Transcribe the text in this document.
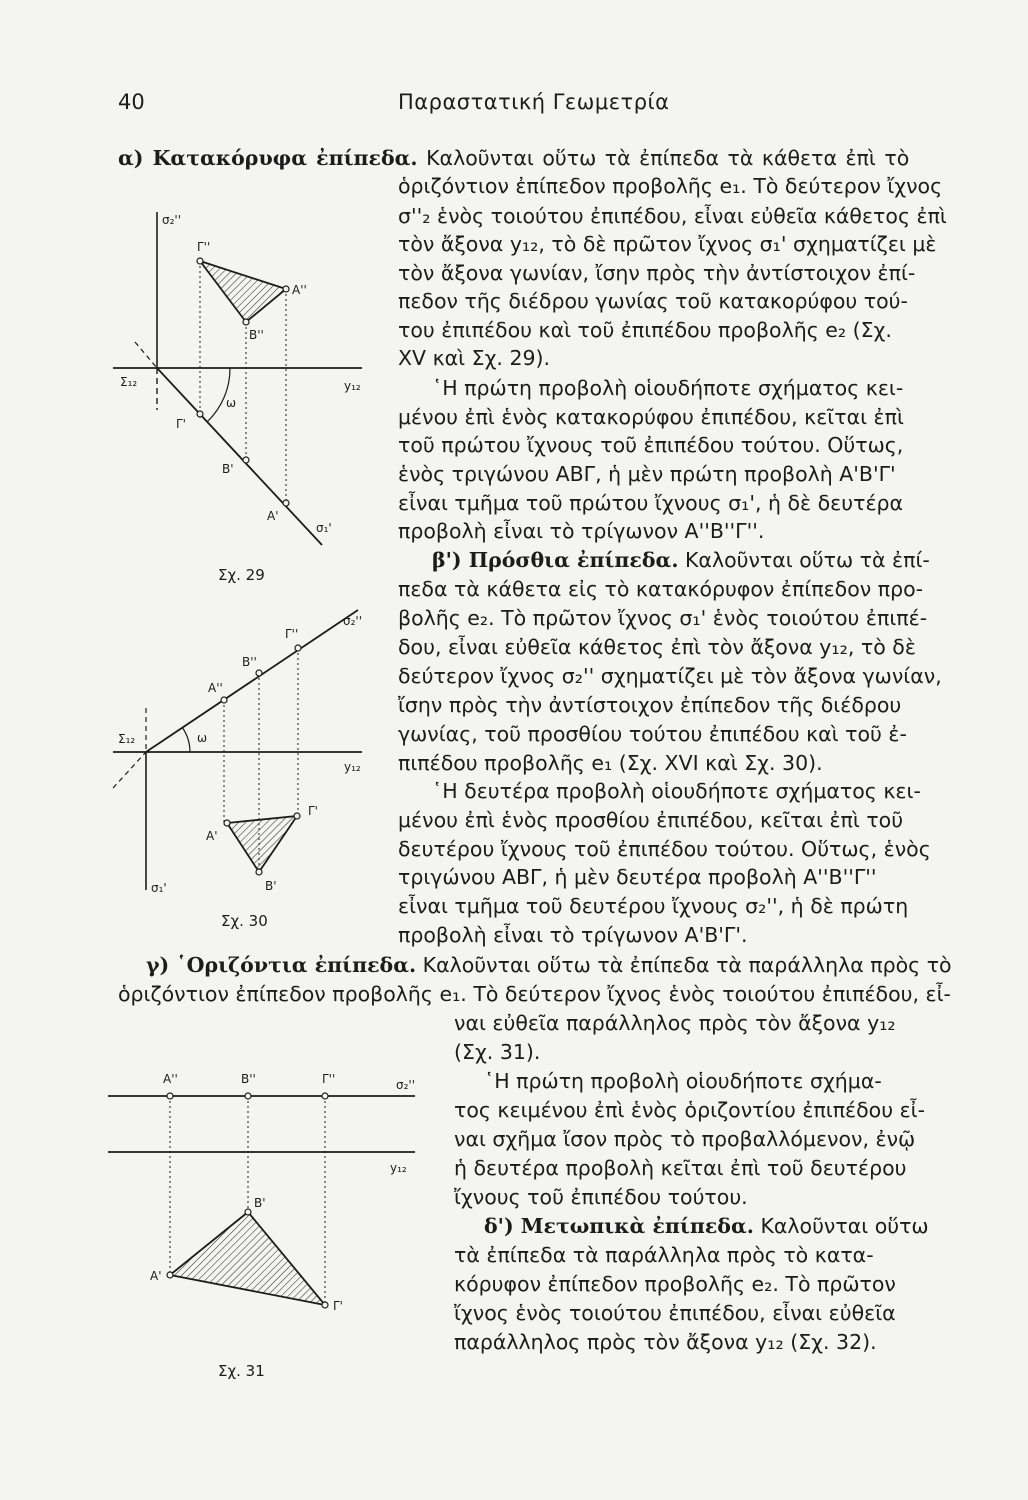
40	Παραστατική Γεωμετρία
α) Κατακόρυφα ἐπίπεδα. Καλοῦνται οὕτω τὰ ἐπίπεδα τὰ κάθετα ἐπὶ τὸ
ὁριζόντιον ἐπίπεδον προβολῆς e₁. Τὸ δεύτερον ἴχνος
σ''₂ ἑνὸς τοιούτου ἐπιπέδου, εἶναι εὐθεῖα κάθετος ἐπὶ
τὸν ἄξονα y₁₂, τὸ δὲ πρῶτον ἴχνος σ₁' σχηματίζει μὲ
τὸν ἄξονα γωνίαν, ἴσην πρὸς τὴν ἀντίστοιχον ἐπί-
πεδον τῆς διέδρου γωνίας τοῦ κατακορύφου τού-
του ἐπιπέδου καὶ τοῦ ἐπιπέδου προβολῆς e₂ (Σχ.
XV καὶ Σχ. 29).
῾Η πρώτη προβολὴ οἱουδήποτε σχήματος κει-
μένου ἐπὶ ἑνὸς κατακορύφου ἐπιπέδου, κεῖται ἐπὶ
τοῦ πρώτου ἴχνους τοῦ ἐπιπέδου τούτου. Οὕτως,
ἑνὸς τριγώνου ΑΒΓ, ἡ μὲν πρώτη προβολὴ Α'Β'Γ'
εἶναι τμῆμα τοῦ πρώτου ἴχνους σ₁', ἡ δὲ δευτέρα
προβολὴ εἶναι τὸ τρίγωνον Α''Β''Γ''.
β') Πρόσθια ἐπίπεδα. Καλοῦνται οὕτω τὰ ἐπί-
πεδα τὰ κάθετα εἰς τὸ κατακόρυφον ἐπίπεδον προ-
βολῆς e₂. Τὸ πρῶτον ἴχνος σ₁' ἑνὸς τοιούτου ἐπιπέ-
δου, εἶναι εὐθεῖα κάθετος ἐπὶ τὸν ἄξονα y₁₂, τὸ δὲ
δεύτερον ἴχνος σ₂'' σχηματίζει μὲ τὸν ἄξονα γωνίαν,
ἴσην πρὸς τὴν ἀντίστοιχον ἐπίπεδον τῆς διέδρου
γωνίας, τοῦ προσθίου τούτου ἐπιπέδου καὶ τοῦ ἐ-
πιπέδου προβολῆς e₁ (Σχ. XVI καὶ Σχ. 30).
῾Η δευτέρα προβολὴ οἱουδήποτε σχήματος κει-
μένου ἐπὶ ἑνὸς προσθίου ἐπιπέδου, κεῖται ἐπὶ τοῦ
δευτέρου ἴχνους τοῦ ἐπιπέδου τούτου. Οὕτως, ἑνὸς
τριγώνου ΑΒΓ, ἡ μὲν δευτέρα προβολὴ Α''Β''Γ''
εἶναι τμῆμα τοῦ δευτέρου ἴχνους σ₂'', ἡ δὲ πρώτη
προβολὴ εἶναι τὸ τρίγωνον Α'Β'Γ'.
γ) ῾Οριζόντια ἐπίπεδα. Καλοῦνται οὕτω τὰ ἐπίπεδα τὰ παράλληλα πρὸς τὸ
ὁριζόντιον ἐπίπεδον προβολῆς e₁. Τὸ δεύτερον ἴχνος ἑνὸς τοιούτου ἐπιπέδου, εἶ-
ναι εὐθεῖα παράλληλος πρὸς τὸν ἄξονα y₁₂
(Σχ. 31).
῾Η πρώτη προβολὴ οἱουδήποτε σχήμα-
τος κειμένου ἐπὶ ἑνὸς ὁριζοντίου ἐπιπέδου εἶ-
ναι σχῆμα ἴσον πρὸς τὸ προβαλλόμενον, ἐνῷ
ἡ δευτέρα προβολὴ κεῖται ἐπὶ τοῦ δευτέρου
ἴχνους τοῦ ἐπιπέδου τούτου.
δ') Μετωπικὰ ἐπίπεδα. Καλοῦνται οὕτω
τὰ ἐπίπεδα τὰ παράλληλα πρὸς τὸ κατα-
κόρυφον ἐπίπεδον προβολῆς e₂. Τὸ πρῶτον
ἴχνος ἑνὸς τοιούτου ἐπιπέδου, εἶναι εὐθεῖα
παράλληλος πρὸς τὸν ἄξονα y₁₂ (Σχ. 32).
σ₂''
Γ''
Α''
Β''
Σ₁₂	y₁₂
ω
Γ'
Β'
Α'
σ₁'
Σχ. 29
σ₂''
Γ''
Β''
Α''
Σ₁₂	ω
y₁₂
Γ'
Α'
Β'
σ₁'
Σχ. 30
Α''	Β''	Γ''	σ₂''
y₁₂
Β'
Α'
Γ'
Σχ. 31
